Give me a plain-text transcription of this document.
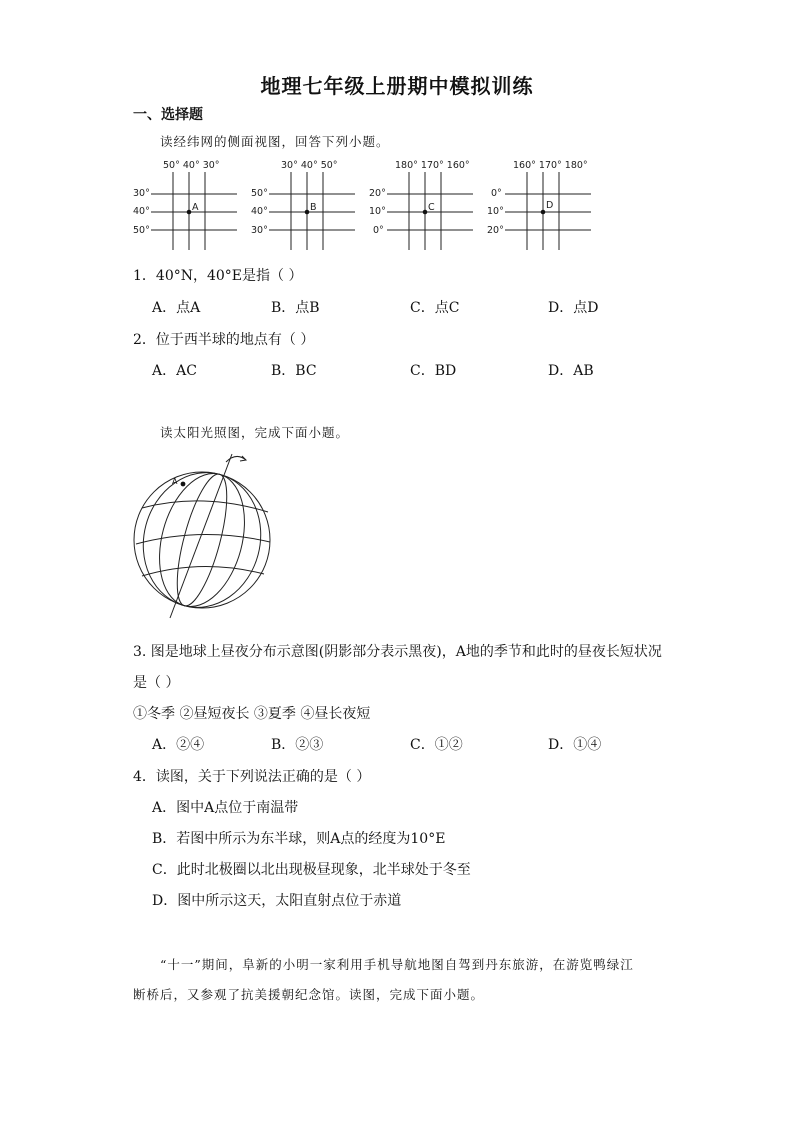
地理七年级上册期中模拟训练
一、选择题
读经纬网的侧面视图，回答下列小题。
50° 40° 30°
30°
40°
50°
A
30° 40° 50°
50°
40°
30°
B
180° 170° 160°
20°
10°
0°
C
160° 170° 180°
0°
10°
20°
D
1．40°N，40°E是指（ ）
A．点A	B．点B	C．点C	D．点D
2．位于西半球的地点有（ ）
A．AC	B．BC	C．BD	D．AB
读太阳光照图，完成下面小题。
A
3. 图是地球上昼夜分布示意图(阴影部分表示黑夜)，A地的季节和此时的昼夜长短状况
是（ ）
①冬季 ②昼短夜长 ③夏季 ④昼长夜短
A．②④	B．②③	C．①②	D．①④
4．读图，关于下列说法正确的是（ ）
A．图中A点位于南温带
B．若图中所示为东半球，则A点的经度为10°E
C．此时北极圈以北出现极昼现象，北半球处于冬至
D．图中所示这天，太阳直射点位于赤道
“十一”期间，阜新的小明一家利用手机导航地图自驾到丹东旅游，在游览鸭绿江
断桥后，又参观了抗美援朝纪念馆。读图，完成下面小题。
